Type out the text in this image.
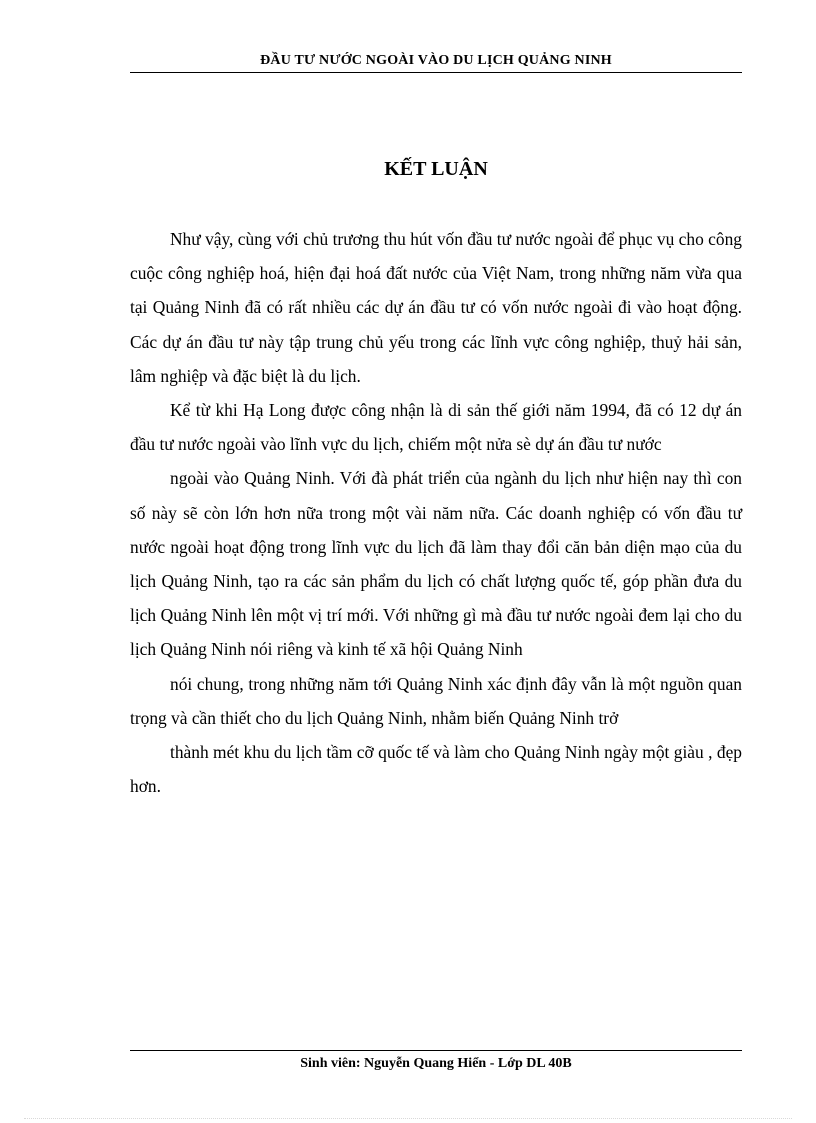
ĐẦU TƯ NƯỚC NGOÀI VÀO DU LỊCH QUẢNG NINH
KẾT LUẬN

Như vậy, cùng với chủ trương thu hút vốn đầu tư nước ngoài để phục vụ cho công cuộc công nghiệp hoá, hiện đại hoá đất nước của Việt Nam, trong những năm vừa qua tại Quảng Ninh đã có rất nhiều các dự án đầu tư có vốn nước ngoài đi vào hoạt động. Các dự án đầu tư này tập trung chủ yếu trong các lĩnh vực công nghiệp, thuỷ hải sản, lâm nghiệp và đặc biệt là du lịch.

Kể từ khi Hạ Long được công nhận là di sản thế giới năm 1994, đã có 12 dự án đầu tư nước ngoài vào lĩnh vực du lịch, chiếm một nửa sè dự án đầu tư nước

ngoài vào Quảng Ninh. Với đà phát triển của ngành du lịch như hiện nay thì con số này sẽ còn lớn hơn nữa trong một vài năm nữa. Các doanh nghiệp có vốn đầu tư nước ngoài hoạt động trong lĩnh vực du lịch đã làm thay đổi căn bản diện mạo của du lịch Quảng Ninh, tạo ra các sản phẩm du lịch có chất lượng quốc tế, góp phần đưa du lịch Quảng Ninh lên một vị trí mới. Với những gì mà đầu tư nước ngoài đem lại cho du lịch Quảng Ninh nói riêng và kinh tế xã hội Quảng Ninh

nói chung, trong những năm tới Quảng Ninh xác định đây vẫn là một nguồn quan trọng và cần thiết cho du lịch Quảng Ninh, nhằm biến Quảng Ninh trở

thành mét khu du lịch tầm cỡ quốc tế và làm cho Quảng Ninh ngày một giàu , đẹp hơn.

Sinh viên: Nguyễn Quang Hiển - Lớp DL 40B
